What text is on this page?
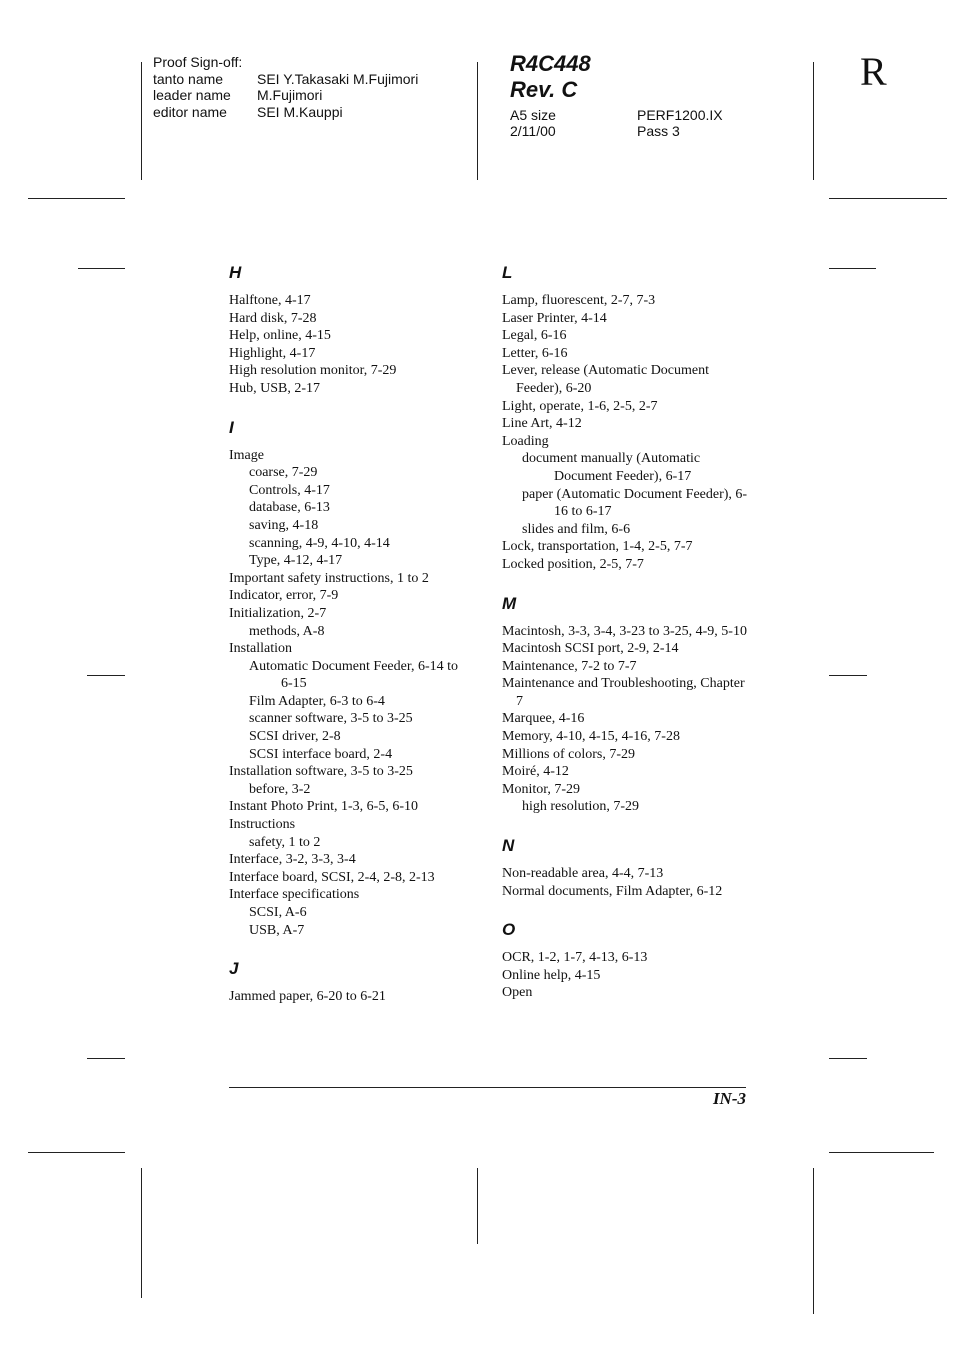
Proof Sign-off:
tanto name	SEI Y.Takasaki M.Fujimori
leader name	M.Fujimori
editor name	SEI M.Kauppi
R4C448
Rev. C
A5 size	PERF1200.IX
2/11/00	Pass 3
R
H
Halftone, 4-17
Hard disk, 7-28
Help, online, 4-15
Highlight, 4-17
High resolution monitor, 7-29
Hub, USB, 2-17
I
Image
coarse, 7-29
Controls, 4-17
database, 6-13
saving, 4-18
scanning, 4-9, 4-10, 4-14
Type, 4-12, 4-17
Important safety instructions, 1 to 2
Indicator, error, 7-9
Initialization, 2-7
methods, A-8
Installation
Automatic Document Feeder, 6-14 to 6-15
Film Adapter, 6-3 to 6-4
scanner software, 3-5 to 3-25
SCSI driver, 2-8
SCSI interface board, 2-4
Installation software, 3-5 to 3-25
before, 3-2
Instant Photo Print, 1-3, 6-5, 6-10
Instructions
safety, 1 to 2
Interface, 3-2, 3-3, 3-4
Interface board, SCSI, 2-4, 2-8, 2-13
Interface specifications
SCSI, A-6
USB, A-7
J
Jammed paper, 6-20 to 6-21
L
Lamp, fluorescent, 2-7, 7-3
Laser Printer, 4-14
Legal, 6-16
Letter, 6-16
Lever, release (Automatic Document Feeder), 6-20
Light, operate, 1-6, 2-5, 2-7
Line Art, 4-12
Loading
document manually (Automatic Document Feeder), 6-17
paper (Automatic Document Feeder), 6-16 to 6-17
slides and film, 6-6
Lock, transportation, 1-4, 2-5, 7-7
Locked position, 2-5, 7-7
M
Macintosh, 3-3, 3-4, 3-23 to 3-25, 4-9, 5-10
Macintosh SCSI port, 2-9, 2-14
Maintenance, 7-2 to 7-7
Maintenance and Troubleshooting, Chapter 7
Marquee, 4-16
Memory, 4-10, 4-15, 4-16, 7-28
Millions of colors, 7-29
Moiré, 4-12
Monitor, 7-29
high resolution, 7-29
N
Non-readable area, 4-4, 7-13
Normal documents, Film Adapter, 6-12
O
OCR, 1-2, 1-7, 4-13, 6-13
Online help, 4-15
Open
IN-3
